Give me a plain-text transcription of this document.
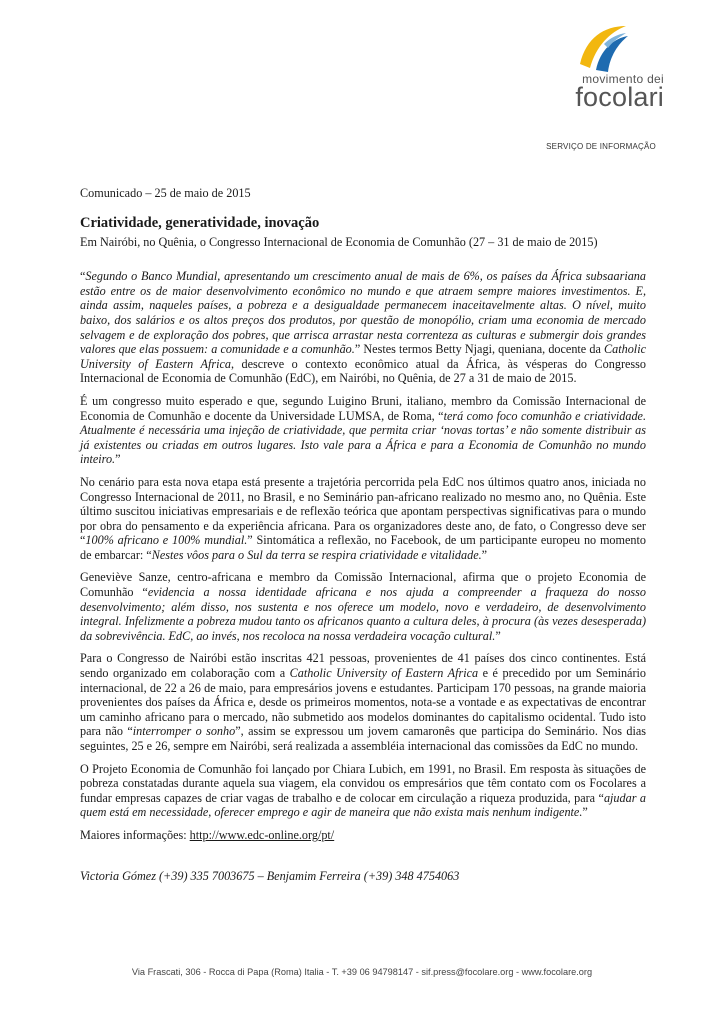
movimento dei
focolari
SERVIÇO DE INFORMAÇÃO
Comunicado – 25 de maio de 2015
Criatividade, generatividade, inovação
Em Nairóbi, no Quênia, o Congresso Internacional de Economia de Comunhão (27 – 31 de maio de 2015)

“Segundo o Banco Mundial, apresentando um crescimento anual de mais de 6%, os países da África subsaariana estão entre os de maior desenvolvimento econômico no mundo e que atraem sempre maiores investimentos. E, ainda assim, naqueles países, a pobreza e a desigualdade permanecem inaceitavelmente altas. O nível, muito baixo, dos salários e os altos preços dos produtos, por questão de monopólio, criam uma economia de mercado selvagem e de exploração dos pobres, que arrisca arrastar nesta correnteza as culturas e submergir dois grandes valores que elas possuem: a comunidade e a comunhão.” Nestes termos Betty Njagi, queniana, docente da Catholic University of Eastern Africa, descreve o contexto econômico atual da África, às vésperas do Congresso Internacional de Economia de Comunhão (EdC), em Nairóbi, no Quênia, de 27 a 31 de maio de 2015.

É um congresso muito esperado e que, segundo Luigino Bruni, italiano, membro da Comissão Internacional de Economia de Comunhão e docente da Universidade LUMSA, de Roma, “terá como foco comunhão e criatividade. Atualmente é necessária uma injeção de criatividade, que permita criar ‘novas tortas’ e não somente distribuir as já existentes ou criadas em outros lugares. Isto vale para a África e para a Economia de Comunhão no mundo inteiro.”

No cenário para esta nova etapa está presente a trajetória percorrida pela EdC nos últimos quatro anos, iniciada no Congresso Internacional de 2011, no Brasil, e no Seminário pan-africano realizado no mesmo ano, no Quênia. Este último suscitou iniciativas empresariais e de reflexão teórica que apontam perspectivas significativas para o mundo por obra do pensamento e da experiência africana. Para os organizadores deste ano, de fato, o Congresso deve ser “100% africano e 100% mundial.” Sintomática a reflexão, no Facebook, de um participante europeu no momento de embarcar: “Nestes vôos para o Sul da terra se respira criatividade e vitalidade.”

Geneviève Sanze, centro-africana e membro da Comissão Internacional, afirma que o projeto Economia de Comunhão “evidencia a nossa identidade africana e nos ajuda a compreender a fraqueza do nosso desenvolvimento; além disso, nos sustenta e nos oferece um modelo, novo e verdadeiro, de desenvolvimento integral. Infelizmente a pobreza mudou tanto os africanos quanto a cultura deles, à procura (às vezes desesperada) da sobrevivência. EdC, ao invés, nos recoloca na nossa verdadeira vocação cultural.”

Para o Congresso de Nairóbi estão inscritas 421 pessoas, provenientes de 41 países dos cinco continentes. Está sendo organizado em colaboração com a Catholic University of Eastern Africa e é precedido por um Seminário internacional, de 22 a 26 de maio, para empresários jovens e estudantes. Participam 170 pessoas, na grande maioria provenientes dos países da África e, desde os primeiros momentos, nota-se a vontade e as expectativas de encontrar um caminho africano para o mercado, não submetido aos modelos dominantes do capitalismo ocidental. Tudo isto para não “interromper o sonho”, assim se expressou um jovem camaronês que participa do Seminário. Nos dias seguintes, 25 e 26, sempre em Nairóbi, será realizada a assembléia internacional das comissões da EdC no mundo.

O Projeto Economia de Comunhão foi lançado por Chiara Lubich, em 1991, no Brasil. Em resposta às situações de pobreza constatadas durante aquela sua viagem, ela convidou os empresários que têm contato com os Focolares a fundar empresas capazes de criar vagas de trabalho e de colocar em circulação a riqueza produzida, para “ajudar a quem está em necessidade, oferecer emprego e agir de maneira que não exista mais nenhum indigente.”

Maiores informações: http://www.edc-online.org/pt/
Victoria Gómez (+39) 335 7003675 – Benjamim Ferreira (+39) 348 4754063
Via Frascati, 306 - Rocca di Papa (Roma) Italia - T. +39 06 94798147 - sif.press@focolare.org - www.focolare.org
